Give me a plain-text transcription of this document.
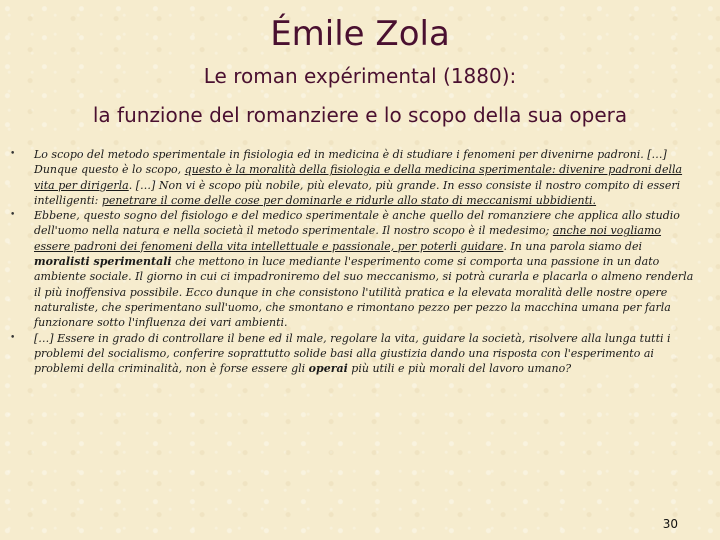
Émile Zola
Le roman expérimental (1880):
la funzione del romanziere e lo scopo della sua opera

• Lo scopo del metodo sperimentale in fisiologia ed in medicina è di studiare i fenomeni per divenirne padroni. […] Dunque questo è lo scopo, questo è la moralità della fisiologia e della medicina sperimentale: divenire padroni della vita per dirigerla. […] Non vi è scopo più nobile, più elevato, più grande. In esso consiste il nostro compito di esseri intelligenti: penetrare il come delle cose per dominarle e ridurle allo stato di meccanismi ubbidienti.

• Ebbene, questo sogno del fisiologo e del medico sperimentale è anche quello del romanziere che applica allo studio dell'uomo nella natura e nella società il metodo sperimentale. Il nostro scopo è il medesimo; anche noi vogliamo essere padroni dei fenomeni della vita intellettuale e passionale, per poterli guidare. In una parola siamo dei moralisti sperimentali che mettono in luce mediante l'esperimento come si comporta una passione in un dato ambiente sociale. Il giorno in cui ci impadroniremo del suo meccanismo, si potrà curarla e placarla o almeno renderla il più inoffensiva possibile. Ecco dunque in che consistono l'utilità pratica e la elevata moralità delle nostre opere naturaliste, che sperimentano sull'uomo, che smontano e rimontano pezzo per pezzo la macchina umana per farla funzionare sotto l'influenza dei vari ambienti.

• […] Essere in grado di controllare il bene ed il male, regolare la vita, guidare la società, risolvere alla lunga tutti i problemi del socialismo, conferire soprattutto solide basi alla giustizia dando una risposta con l'esperimento ai problemi della criminalità, non è forse essere gli operai più utili e più morali del lavoro umano?

30
